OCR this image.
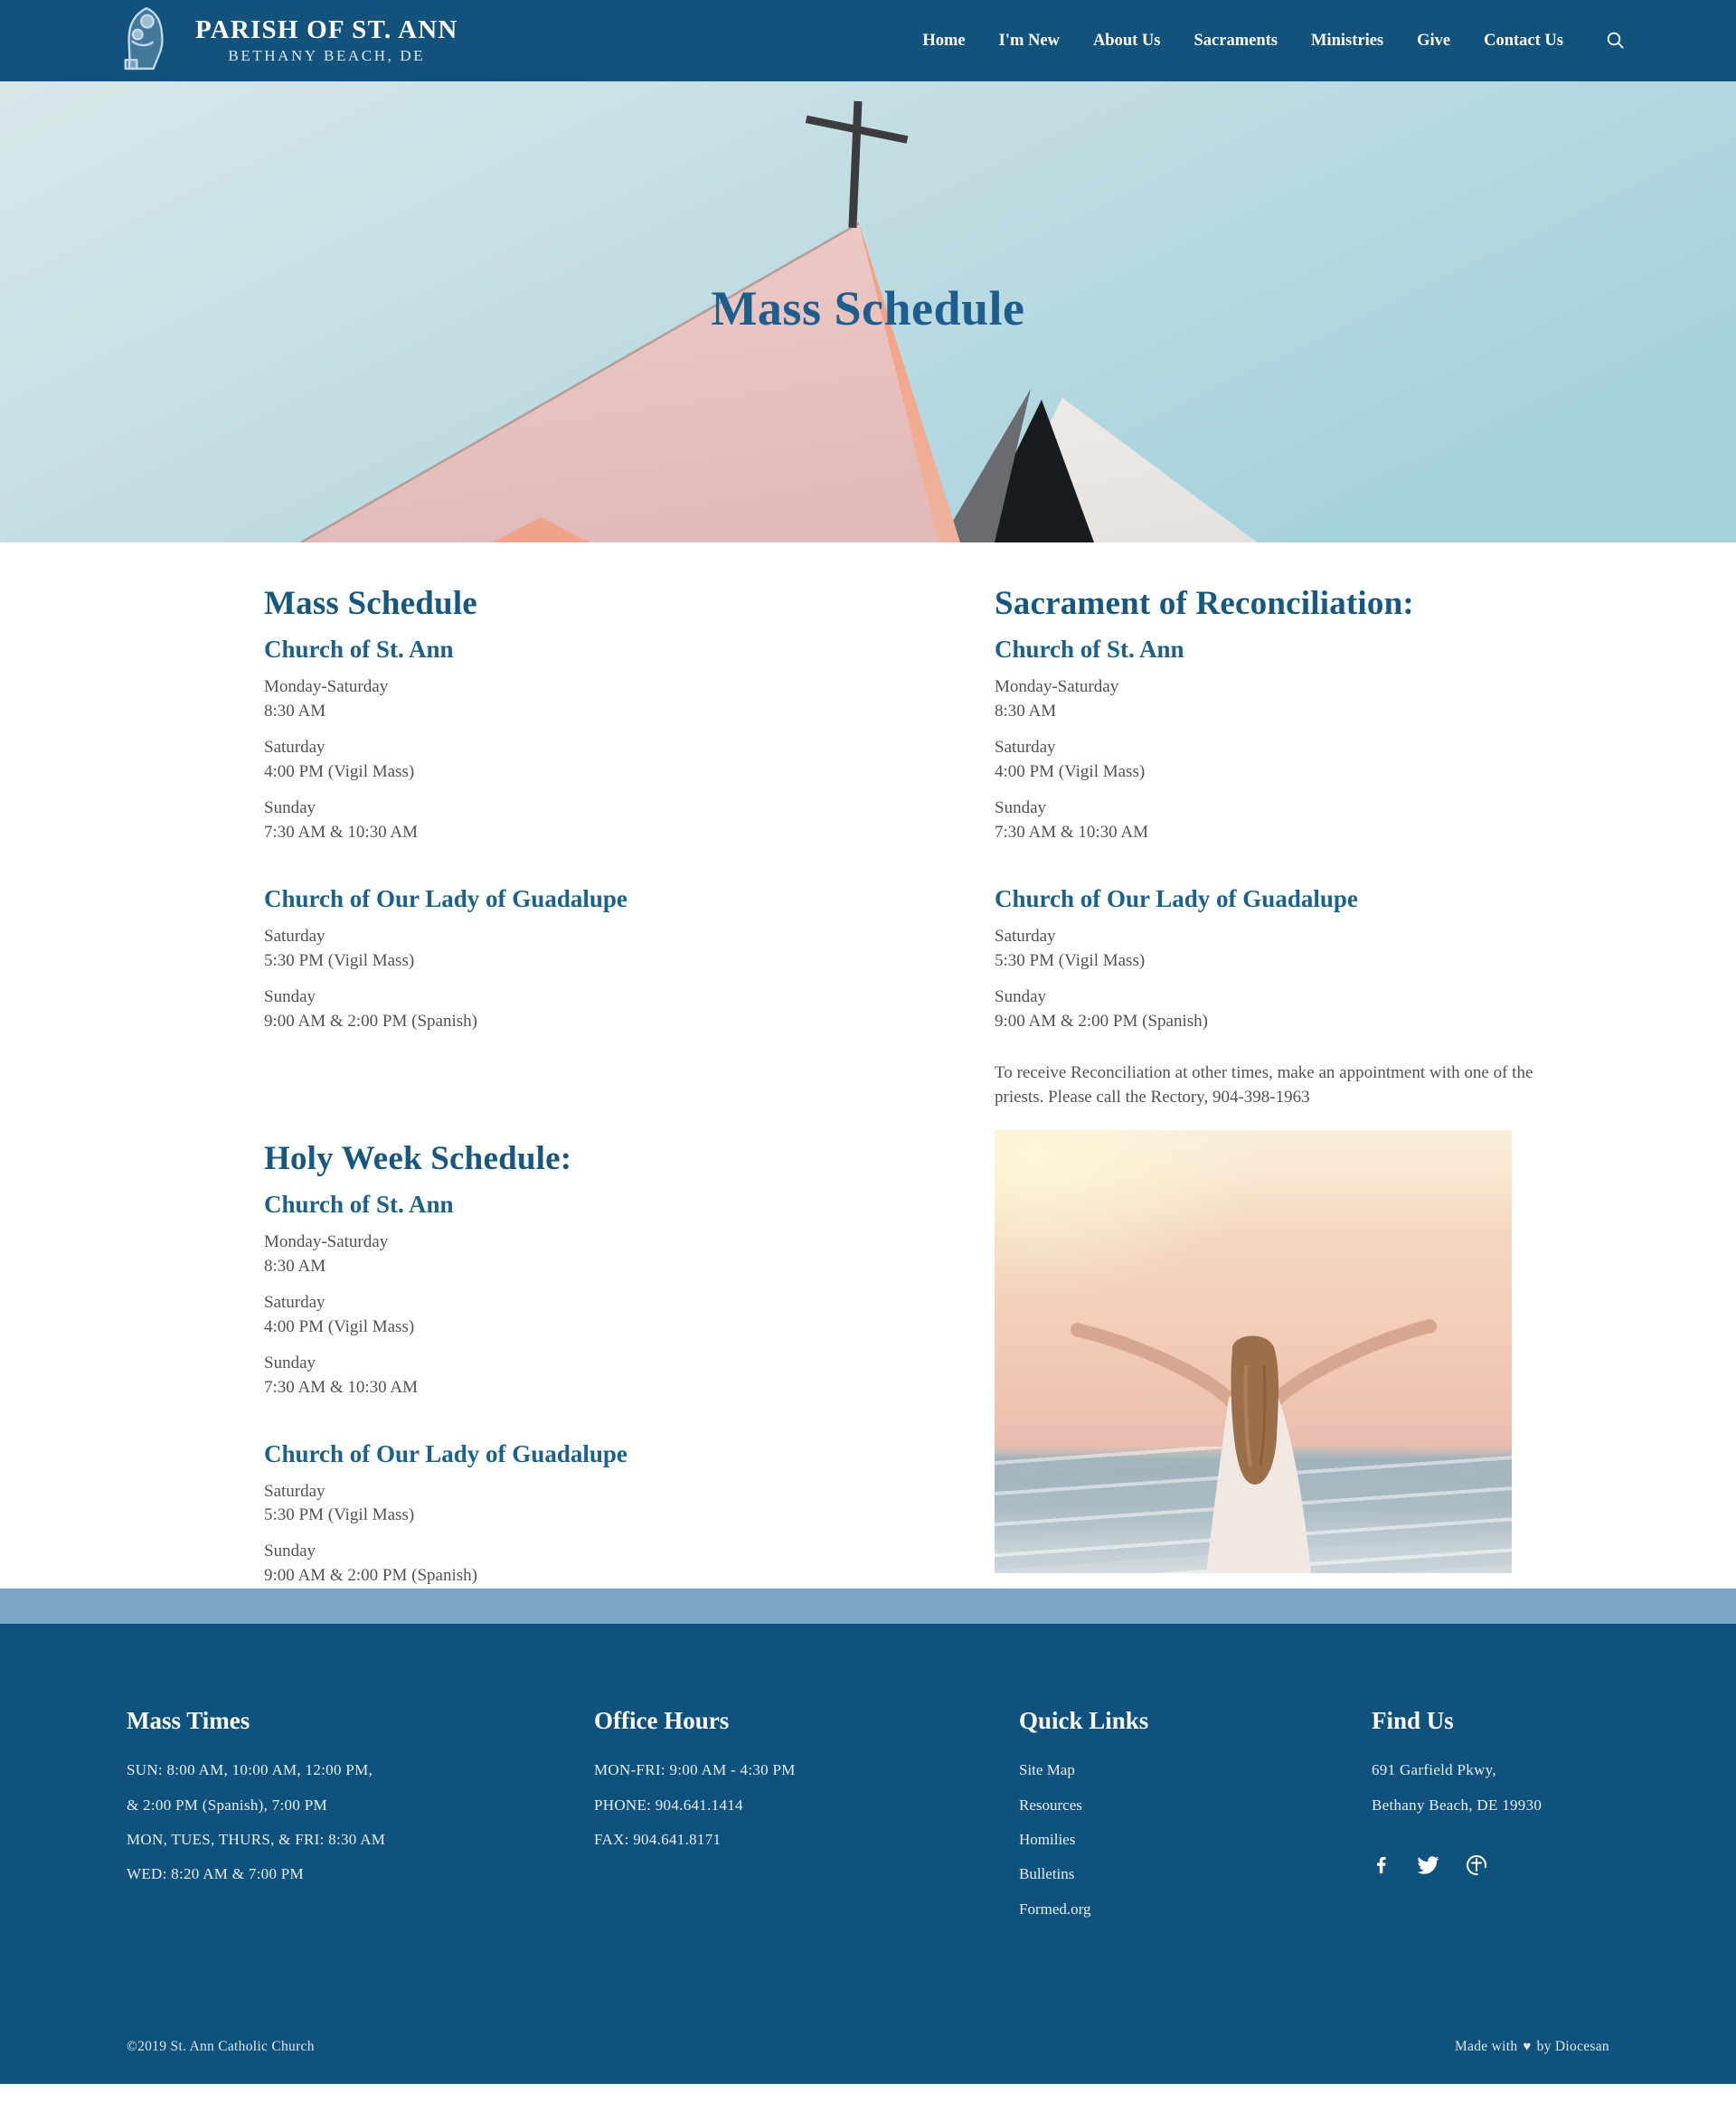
PARISH OF ST. ANN
BETHANY BEACH, DE
Home I'm New About Us Sacraments Ministries Give Contact Us
Mass Schedule
Mass Schedule
Church of St. Ann

Monday-Saturday
8:30 AM

Saturday
4:00 PM (Vigil Mass)

Sunday
7:30 AM & 10:30 AM

Church of Our Lady of Guadalupe

Saturday
5:30 PM (Vigil Mass)

Sunday
9:00 AM & 2:00 PM (Spanish)

Holy Week Schedule:
Church of St. Ann

Monday-Saturday
8:30 AM

Saturday
4:00 PM (Vigil Mass)

Sunday
7:30 AM & 10:30 AM

Church of Our Lady of Guadalupe

Saturday
5:30 PM (Vigil Mass)

Sunday
9:00 AM & 2:00 PM (Spanish)

Sacrament of Reconciliation:
Church of St. Ann

Monday-Saturday
8:30 AM

Saturday
4:00 PM (Vigil Mass)

Sunday
7:30 AM & 10:30 AM

Church of Our Lady of Guadalupe

Saturday
5:30 PM (Vigil Mass)

Sunday
9:00 AM & 2:00 PM (Spanish)

To receive Reconciliation at other times, make an appointment with one of the priests. Please call the Rectory, 904-398-1963

Mass Times

SUN: 8:00 AM, 10:00 AM, 12:00 PM,

& 2:00 PM (Spanish), 7:00 PM

MON, TUES, THURS, & FRI: 8:30 AM

WED: 8:20 AM & 7:00 PM

Office Hours

MON-FRI: 9:00 AM - 4:30 PM

PHONE: 904.641.1414

FAX: 904.641.8171

Quick Links
Site Map
Resources
Homilies
Bulletins
Formed.org
Find Us

691 Garfield Pkwy,

Bethany Beach, DE 19930

©2019 St. Ann Catholic Church	Made with ♥ by Diocesan
